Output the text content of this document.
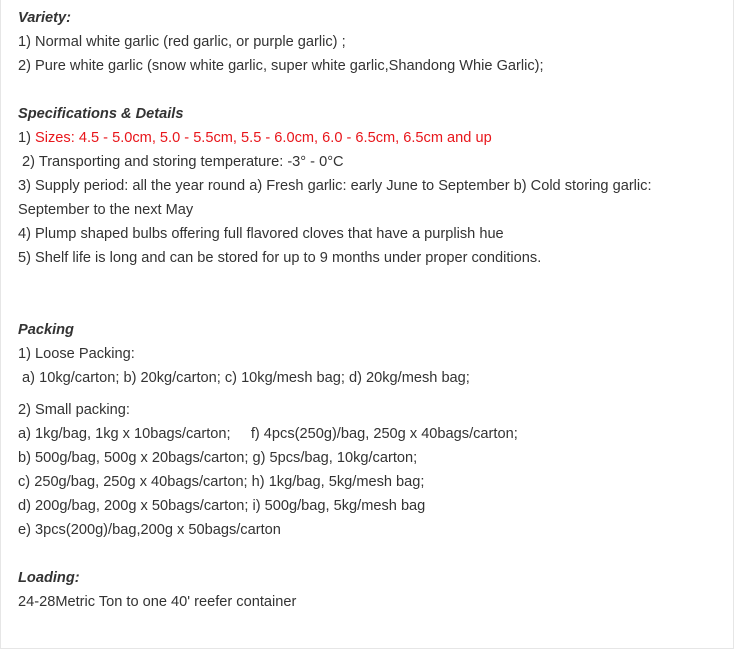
Variety:
1) Normal white garlic (red garlic, or purple garlic) ;
2) Pure white garlic (snow white garlic, super white garlic,Shandong Whie Garlic);
Specifications & Details
1) Sizes: 4.5 - 5.0cm, 5.0 - 5.5cm, 5.5 - 6.0cm, 6.0 - 6.5cm, 6.5cm and up
2) Transporting and storing temperature: -3° - 0°C
3) Supply period: all the year round a) Fresh garlic: early June to September b) Cold storing garlic: September to the next May
4) Plump shaped bulbs offering full flavored cloves that have a purplish hue
5) Shelf life is long and can be stored for up to 9 months under proper conditions.
Packing
1) Loose Packing:
a) 10kg/carton; b) 20kg/carton; c) 10kg/mesh bag; d) 20kg/mesh bag;
2) Small packing:
a) 1kg/bag, 1kg x 10bags/carton;     f) 4pcs(250g)/bag, 250g x 40bags/carton;
b) 500g/bag, 500g x 20bags/carton; g) 5pcs/bag, 10kg/carton;
c) 250g/bag, 250g x 40bags/carton; h) 1kg/bag, 5kg/mesh bag;
d) 200g/bag, 200g x 50bags/carton; i) 500g/bag, 5kg/mesh bag
e) 3pcs(200g)/bag,200g x 50bags/carton
Loading:
24-28Metric Ton to one 40' reefer container
